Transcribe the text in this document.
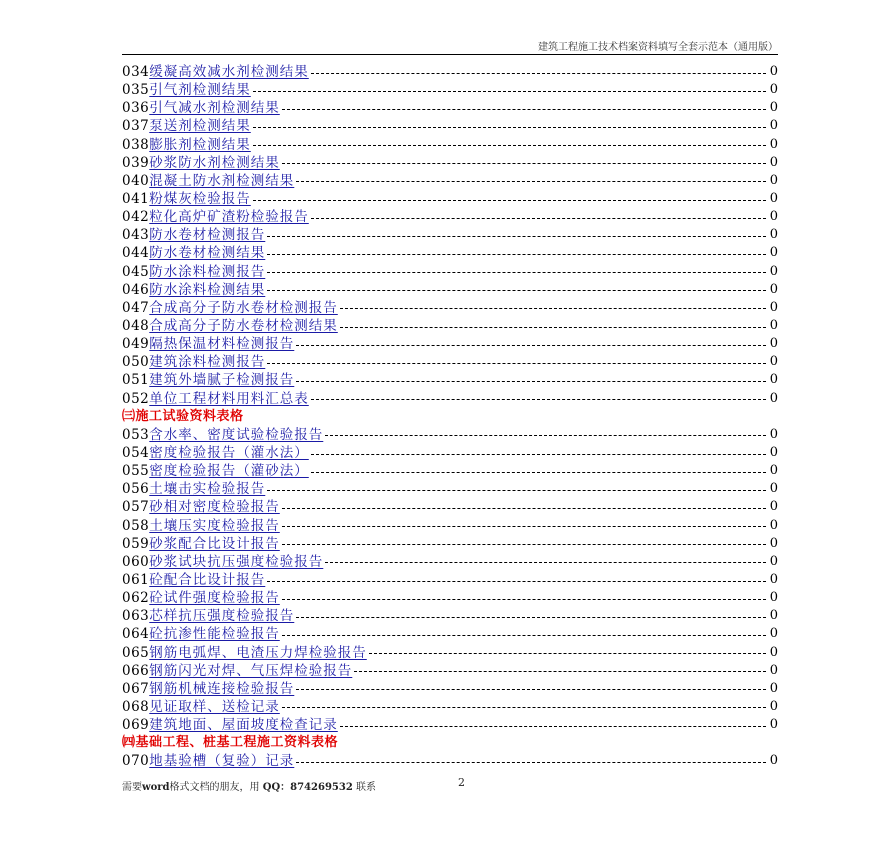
建筑工程施工技术档案资料填写全套示范本（通用版）
034 缓凝高效减水剂检测结果	0
035 引气剂检测结果	0
036 引气减水剂检测结果	0
037 泵送剂检测结果	0
038 膨胀剂检测结果	0
039 砂浆防水剂检测结果	0
040 混凝土防水剂检测结果	0
041 粉煤灰检验报告	0
042 粒化高炉矿渣粉检验报告	0
043 防水卷材检测报告	0
044 防水卷材检测结果	0
045 防水涂料检测报告	0
046 防水涂料检测结果	0
047 合成高分子防水卷材检测报告	0
048 合成高分子防水卷材检测结果	0
049 隔热保温材料检测报告	0
050 建筑涂料检测报告	0
051 建筑外墙腻子检测报告	0
052 单位工程材料用料汇总表	0
㈢施工试验资料表格
053 含水率、密度试验检验报告	0
054 密度检验报告（灌水法）	0
055 密度检验报告（灌砂法）	0
056 土壤击实检验报告	0
057 砂相对密度检验报告	0
058 土壤压实度检验报告	0
059 砂浆配合比设计报告	0
060 砂浆试块抗压强度检验报告	0
061 砼配合比设计报告	0
062 砼试件强度检验报告	0
063 芯样抗压强度检验报告	0
064 砼抗渗性能检验报告	0
065 钢筋电弧焊、电渣压力焊检验报告	0
066 钢筋闪光对焊、气压焊检验报告	0
067 钢筋机械连接检验报告	0
068 见证取样、送检记录	0
069 建筑地面、屋面坡度检查记录	0
㈣基础工程、桩基工程施工资料表格
070 地基验槽（复验）记录	0
需要word格式文档的朋友，用 QQ：874269532 联系	2
